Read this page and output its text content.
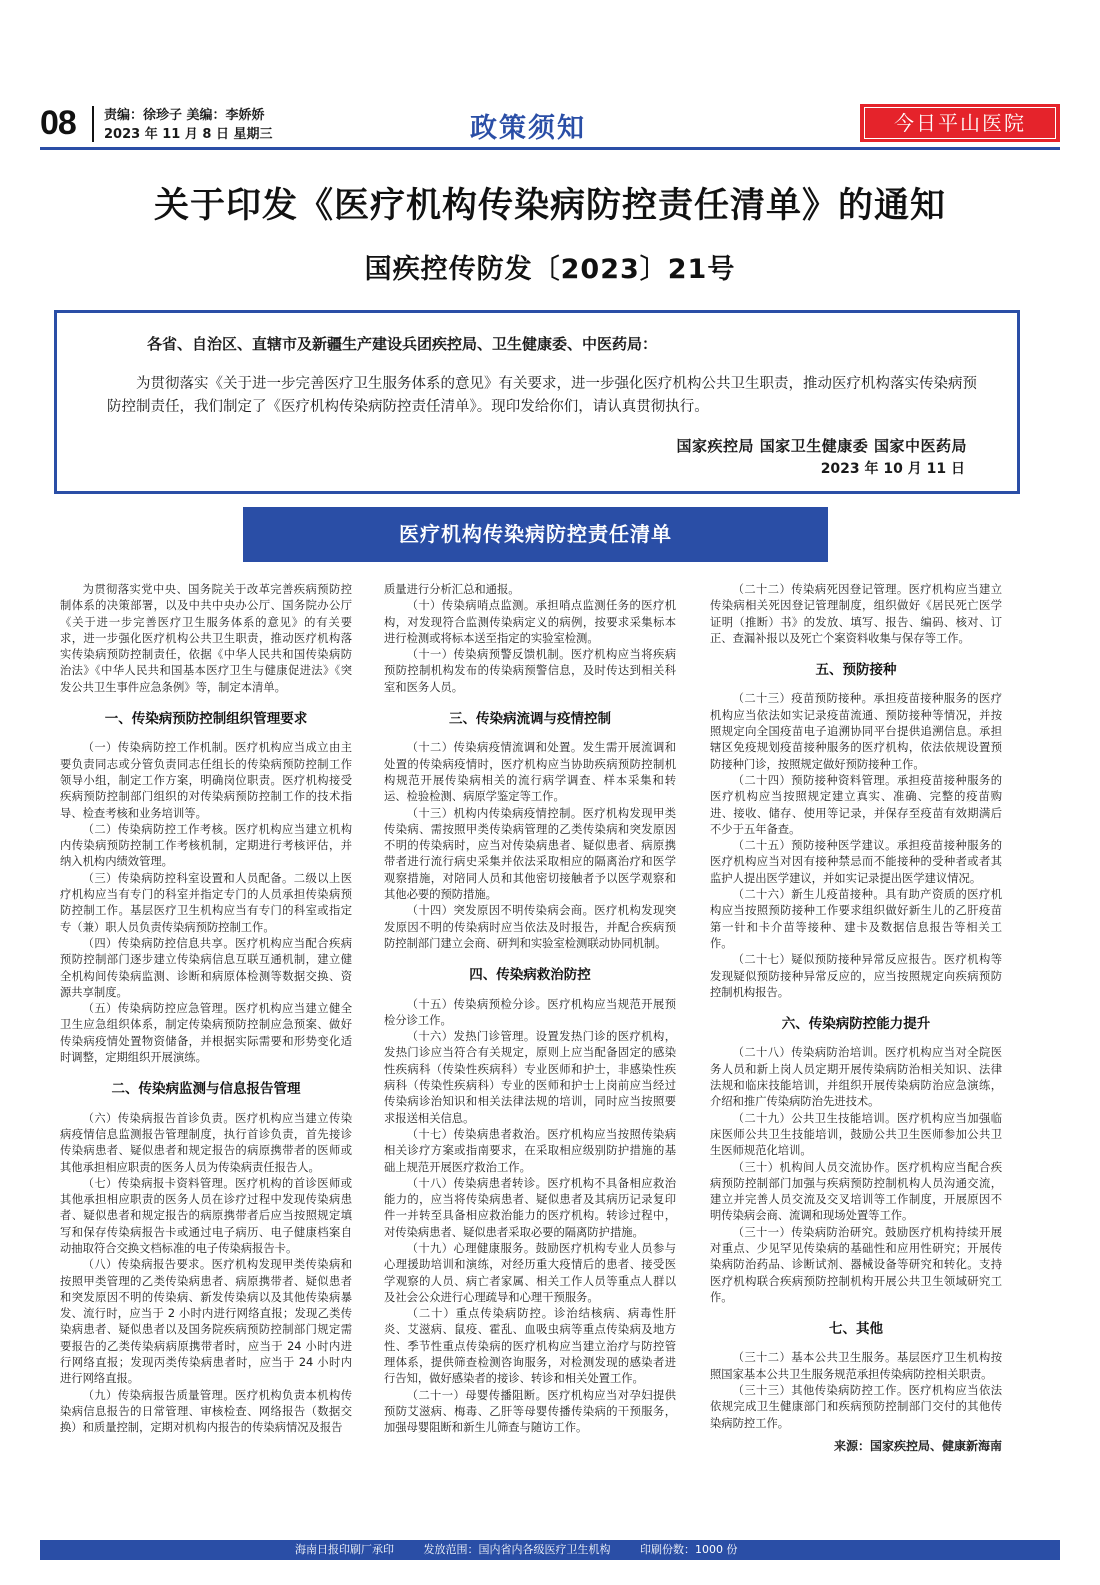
08 责编：徐珍子 美编：李娇娇
2023 年 11 月 8 日 星期三	政策须知	今日平山医院
关于印发《医疗机构传染病防控责任清单》的通知
国疾控传防发〔2023〕21号
各省、自治区、直辖市及新疆生产建设兵团疾控局、卫生健康委、中医药局：

为贯彻落实《关于进一步完善医疗卫生服务体系的意见》有关要求，进一步强化医疗机构公共卫生职责，推动医疗机构落实传染病预防控制责任，我们制定了《医疗机构传染病防控责任清单》。现印发给你们，请认真贯彻执行。

国家疾控局 国家卫生健康委 国家中医药局
2023 年 10 月 11 日
医疗机构传染病防控责任清单

为贯彻落实党中央、国务院关于改革完善疾病预防控制体系的决策部署，以及中共中央办公厅、国务院办公厅《关于进一步完善医疗卫生服务体系的意见》的有关要求，进一步强化医疗机构公共卫生职责，推动医疗机构落实传染病预防控制责任，依据《中华人民共和国传染病防治法》《中华人民共和国基本医疗卫生与健康促进法》《突发公共卫生事件应急条例》等，制定本清单。

一、传染病预防控制组织管理要求

（一）传染病防控工作机制。医疗机构应当成立由主要负责同志或分管负责同志任组长的传染病预防控制工作领导小组，制定工作方案，明确岗位职责。医疗机构接受疾病预防控制部门组织的对传染病预防控制工作的技术指导、检查考核和业务培训等。

（二）传染病防控工作考核。医疗机构应当建立机构内传染病预防控制工作考核机制，定期进行考核评估，并纳入机构内绩效管理。

（三）传染病防控科室设置和人员配备。二级以上医疗机构应当有专门的科室并指定专门的人员承担传染病预防控制工作。基层医疗卫生机构应当有专门的科室或指定专（兼）职人员负责传染病预防控制工作。

（四）传染病防控信息共享。医疗机构应当配合疾病预防控制部门逐步建立传染病信息互联互通机制，建立健全机构间传染病监测、诊断和病原体检测等数据交换、资源共享制度。

（五）传染病防控应急管理。医疗机构应当建立健全卫生应急组织体系，制定传染病预防控制应急预案、做好传染病疫情处置物资储备，并根据实际需要和形势变化适时调整，定期组织开展演练。

二、传染病监测与信息报告管理

（六）传染病报告首诊负责。医疗机构应当建立传染病疫情信息监测报告管理制度，执行首诊负责，首先接诊传染病患者、疑似患者和规定报告的病原携带者的医师或其他承担相应职责的医务人员为传染病责任报告人。

（七）传染病报卡资料管理。医疗机构的首诊医师或其他承担相应职责的医务人员在诊疗过程中发现传染病患者、疑似患者和规定报告的病原携带者后应当按照规定填写和保存传染病报告卡或通过电子病历、电子健康档案自动抽取符合交换文档标准的电子传染病报告卡。

（八）传染病报告要求。医疗机构发现甲类传染病和按照甲类管理的乙类传染病患者、病原携带者、疑似患者和突发原因不明的传染病、新发传染病以及其他传染病暴发、流行时，应当于 2 小时内进行网络直报；发现乙类传染病患者、疑似患者以及国务院疾病预防控制部门规定需要报告的乙类传染病病原携带者时，应当于 24 小时内进行网络直报；发现丙类传染病患者时，应当于 24 小时内进行网络直报。

（九）传染病报告质量管理。医疗机构负责本机构传染病信息报告的日常管理、审核检查、网络报告（数据交换）和质量控制，定期对机构内报告的传染病情况及报告

质量进行分析汇总和通报。

（十）传染病哨点监测。承担哨点监测任务的医疗机构，对发现符合监测传染病定义的病例，按要求采集标本进行检测或将标本送至指定的实验室检测。

（十一）传染病预警反馈机制。医疗机构应当将疾病预防控制机构发布的传染病预警信息，及时传达到相关科室和医务人员。

三、传染病流调与疫情控制

（十二）传染病疫情流调和处置。发生需开展流调和处置的传染病疫情时，医疗机构应当协助疾病预防控制机构规范开展传染病相关的流行病学调查、样本采集和转运、检验检测、病原学鉴定等工作。

（十三）机构内传染病疫情控制。医疗机构发现甲类传染病、需按照甲类传染病管理的乙类传染病和突发原因不明的传染病时，应当对传染病患者、疑似患者、病原携带者进行流行病史采集并依法采取相应的隔离治疗和医学观察措施，对陪同人员和其他密切接触者予以医学观察和其他必要的预防措施。

（十四）突发原因不明传染病会商。医疗机构发现突发原因不明的传染病时应当依法及时报告，并配合疾病预防控制部门建立会商、研判和实验室检测联动协同机制。

四、传染病救治防控

（十五）传染病预检分诊。医疗机构应当规范开展预检分诊工作。

（十六）发热门诊管理。设置发热门诊的医疗机构，发热门诊应当符合有关规定，原则上应当配备固定的感染性疾病科（传染性疾病科）专业医师和护士，非感染性疾病科（传染性疾病科）专业的医师和护士上岗前应当经过传染病诊治知识和相关法律法规的培训，同时应当按照要求报送相关信息。

（十七）传染病患者救治。医疗机构应当按照传染病相关诊疗方案或指南要求，在采取相应级别防护措施的基础上规范开展医疗救治工作。

（十八）传染病患者转诊。医疗机构不具备相应救治能力的，应当将传染病患者、疑似患者及其病历记录复印件一并转至具备相应救治能力的医疗机构。转诊过程中，对传染病患者、疑似患者采取必要的隔离防护措施。

（十九）心理健康服务。鼓励医疗机构专业人员参与心理援助培训和演练，对经历重大疫情后的患者、接受医学观察的人员、病亡者家属、相关工作人员等重点人群以及社会公众进行心理疏导和心理干预服务。

（二十）重点传染病防控。诊治结核病、病毒性肝炎、艾滋病、鼠疫、霍乱、血吸虫病等重点传染病及地方性、季节性重点传染病的医疗机构应当建立治疗与防控管理体系，提供筛查检测咨询服务，对检测发现的感染者进行告知，做好感染者的接诊、转诊和相关处置工作。

（二十一）母婴传播阻断。医疗机构应当对孕妇提供预防艾滋病、梅毒、乙肝等母婴传播传染病的干预服务，加强母婴阻断和新生儿筛查与随访工作。

（二十二）传染病死因登记管理。医疗机构应当建立传染病相关死因登记管理制度，组织做好《居民死亡医学证明（推断）书》的发放、填写、报告、编码、核对、订正、查漏补报以及死亡个案资料收集与保存等工作。

五、预防接种

（二十三）疫苗预防接种。承担疫苗接种服务的医疗机构应当依法如实记录疫苗流通、预防接种等情况，并按照规定向全国疫苗电子追溯协同平台提供追溯信息。承担辖区免疫规划疫苗接种服务的医疗机构，依法依规设置预防接种门诊，按照规定做好预防接种工作。

（二十四）预防接种资料管理。承担疫苗接种服务的医疗机构应当按照规定建立真实、准确、完整的疫苗购进、接收、储存、使用等记录，并保存至疫苗有效期满后不少于五年备查。

（二十五）预防接种医学建议。承担疫苗接种服务的医疗机构应当对因有接种禁忌而不能接种的受种者或者其监护人提出医学建议，并如实记录提出医学建议情况。

（二十六）新生儿疫苗接种。具有助产资质的医疗机构应当按照预防接种工作要求组织做好新生儿的乙肝疫苗第一针和卡介苗等接种、建卡及数据信息报告等相关工作。

（二十七）疑似预防接种异常反应报告。医疗机构等发现疑似预防接种异常反应的，应当按照规定向疾病预防控制机构报告。

六、传染病防控能力提升

（二十八）传染病防治培训。医疗机构应当对全院医务人员和新上岗人员定期开展传染病防治相关知识、法律法规和临床技能培训，并组织开展传染病防治应急演练，介绍和推广传染病防治先进技术。

（二十九）公共卫生技能培训。医疗机构应当加强临床医师公共卫生技能培训，鼓励公共卫生医师参加公共卫生医师规范化培训。

（三十）机构间人员交流协作。医疗机构应当配合疾病预防控制部门加强与疾病预防控制机构人员沟通交流，建立并完善人员交流及交叉培训等工作制度，开展原因不明传染病会商、流调和现场处置等工作。

（三十一）传染病防治研究。鼓励医疗机构持续开展对重点、少见罕见传染病的基础性和应用性研究；开展传染病防治药品、诊断试剂、器械设备等研究和转化。支持医疗机构联合疾病预防控制机构开展公共卫生领域研究工作。

七、其他

（三十二）基本公共卫生服务。基层医疗卫生机构按照国家基本公共卫生服务规范承担传染病防控相关职责。

（三十三）其他传染病防控工作。医疗机构应当依法依规完成卫生健康部门和疾病预防控制部门交付的其他传染病防控工作。

来源：国家疾控局、健康新海南
海南日报印刷厂承印	发放范围：国内省内各级医疗卫生机构	印刷份数：1000 份
